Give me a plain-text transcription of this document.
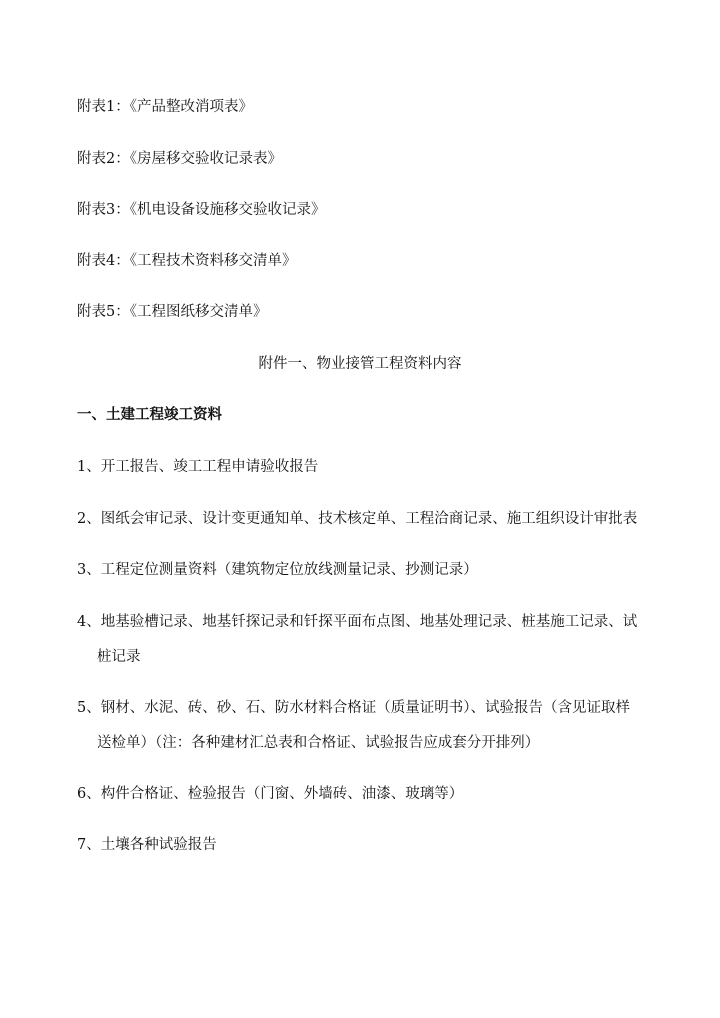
附表1：《产品整改消项表》
附表2：《房屋移交验收记录表》
附表3：《机电设备设施移交验收记录》
附表4：《工程技术资料移交清单》
附表5：《工程图纸移交清单》
附件一、物业接管工程资料内容
一、土建工程竣工资料
1、开工报告、竣工工程申请验收报告
2、图纸会审记录、设计变更通知单、技术核定单、工程洽商记录、施工组织设计审批表
3、工程定位测量资料（建筑物定位放线测量记录、抄测记录）
4、地基验槽记录、地基钎探记录和钎探平面布点图、地基处理记录、桩基施工记录、试
桩记录
5、钢材、水泥、砖、砂、石、防水材料合格证（质量证明书）、试验报告（含见证取样
送检单）（注：各种建材汇总表和合格证、试验报告应成套分开排列）
6、构件合格证、检验报告（门窗、外墙砖、油漆、玻璃等）
7、土壤各种试验报告
